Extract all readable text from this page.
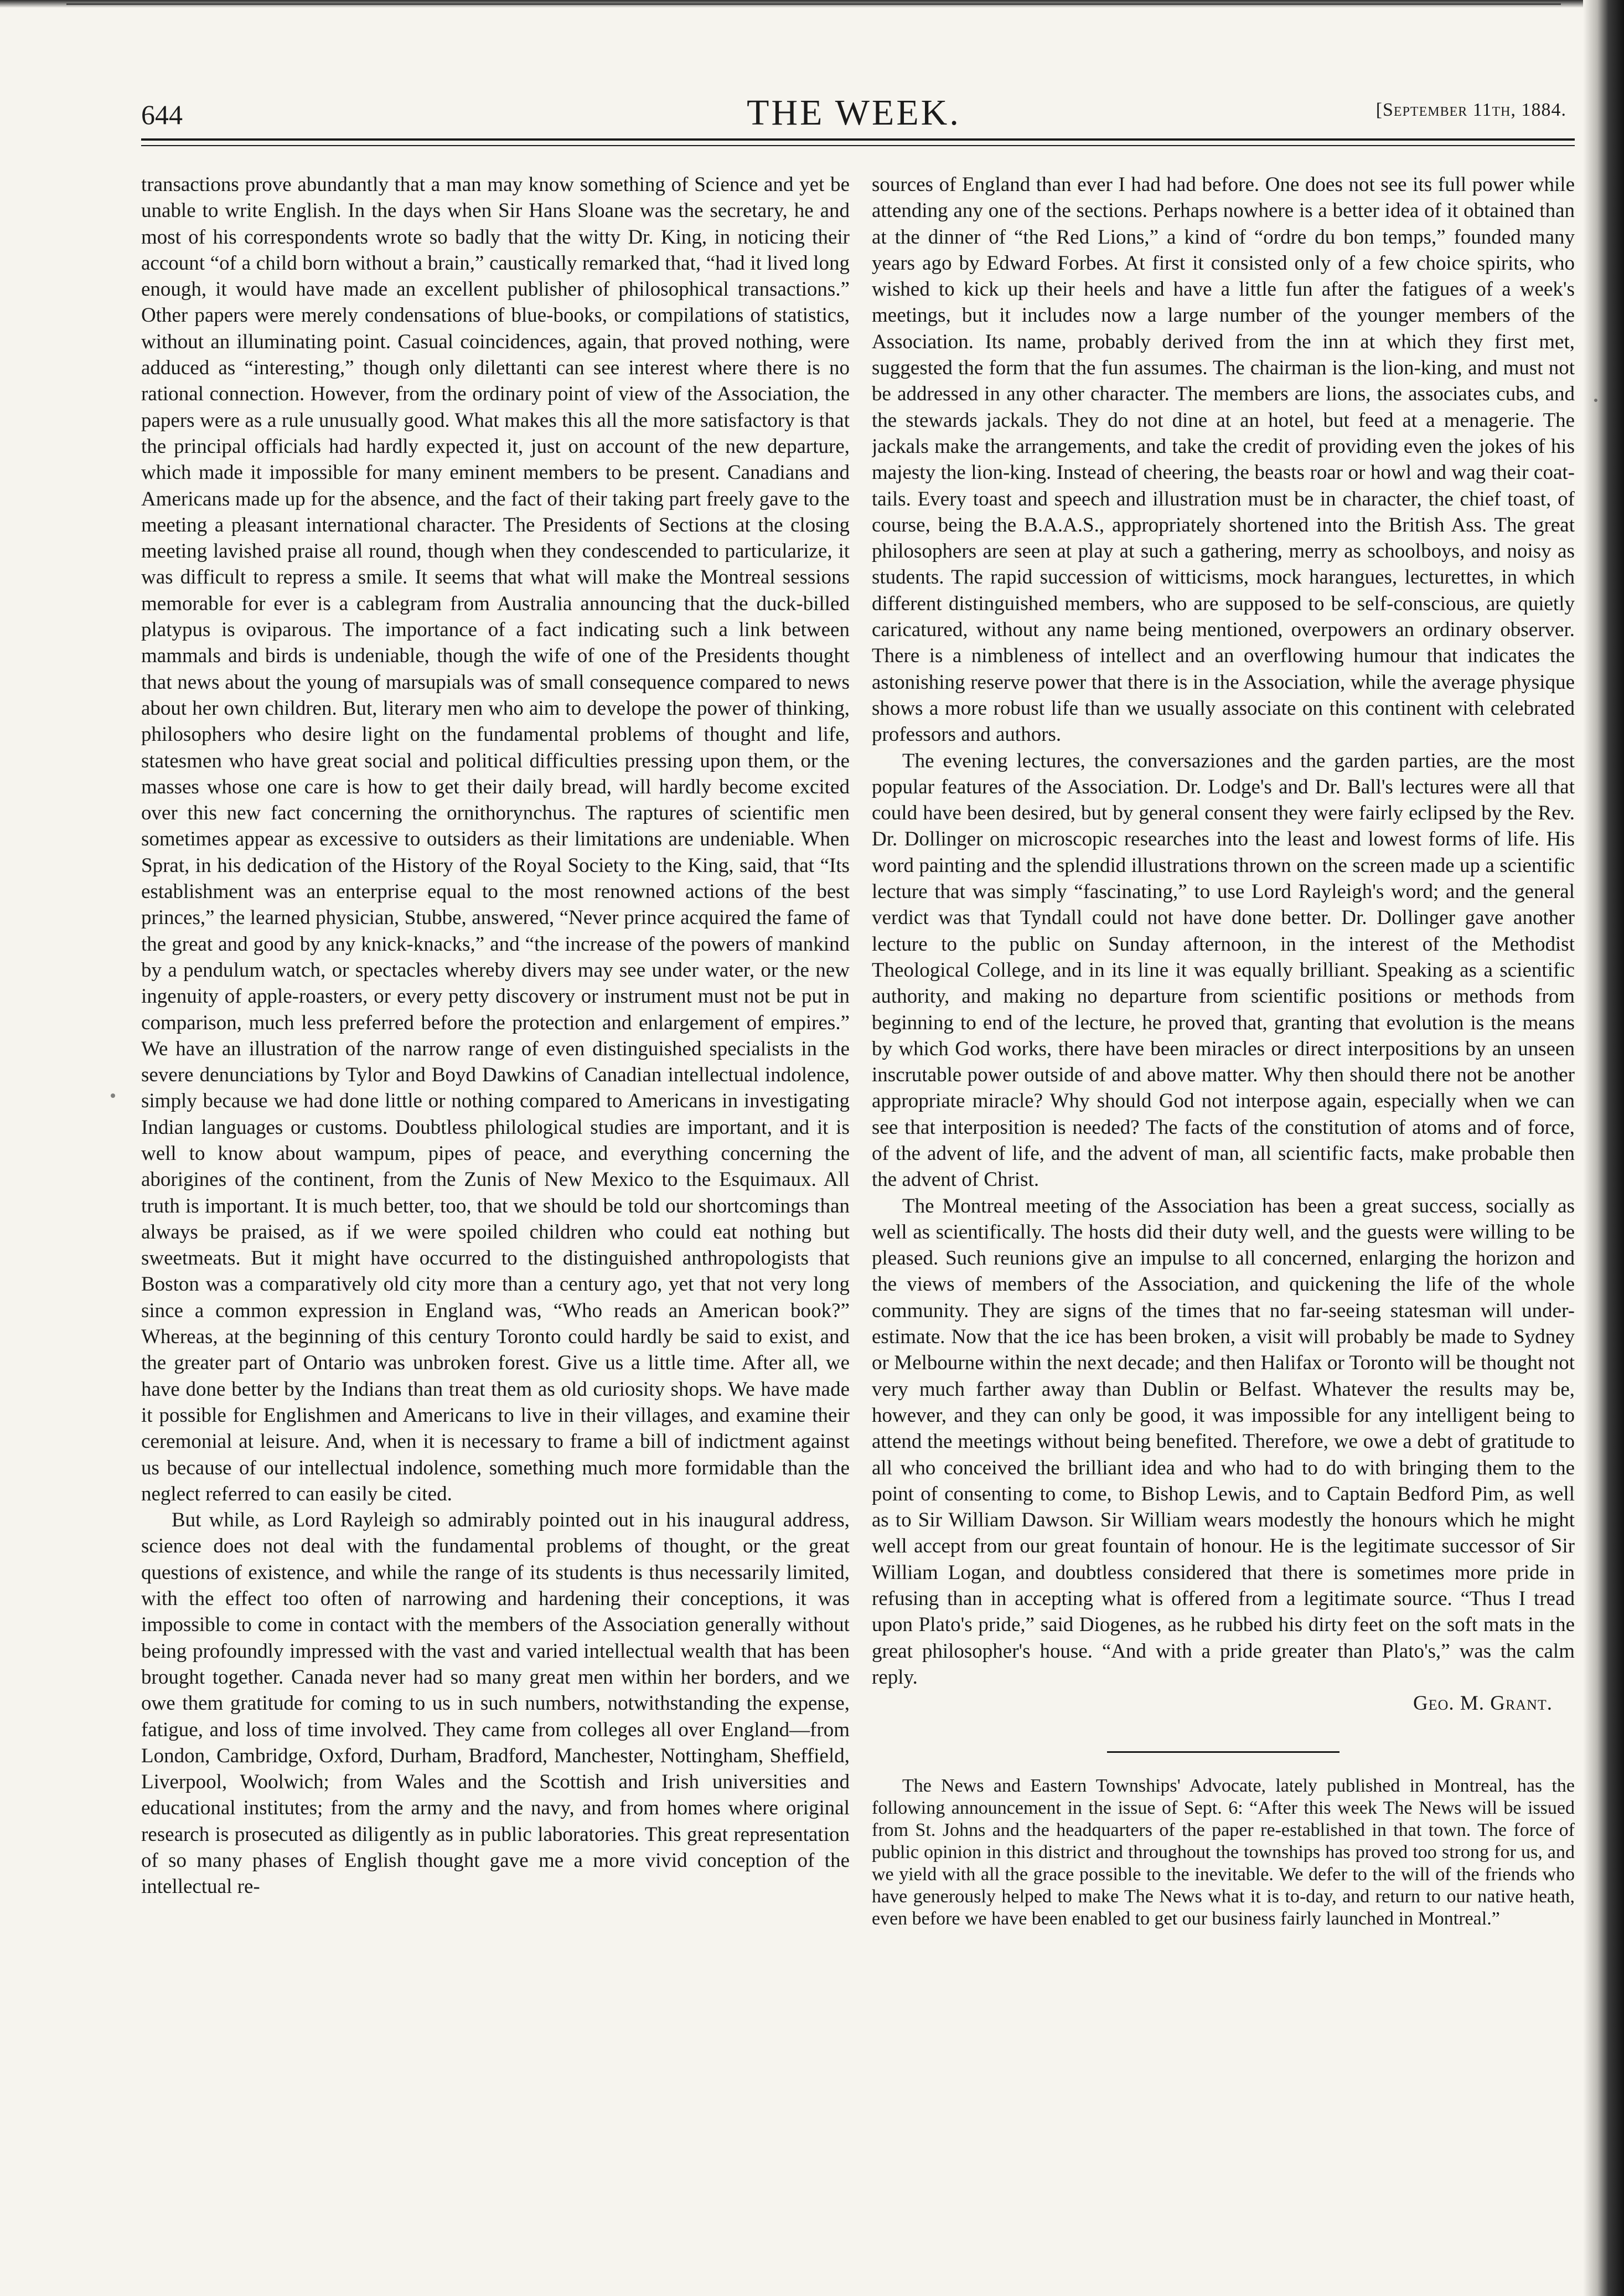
644	THE WEEK.	[September 11th, 1884.

transactions prove abundantly that a man may know something of Science and yet be unable to write English. In the days when Sir Hans Sloane was the secretary, he and most of his correspondents wrote so badly that the witty Dr. King, in noticing their account “of a child born without a brain,” caustically remarked that, “had it lived long enough, it would have made an excellent publisher of philosophical transactions.” Other papers were merely condensations of blue-books, or compilations of statistics, without an illuminating point. Casual coincidences, again, that proved nothing, were adduced as “interesting,” though only dilettanti can see interest where there is no rational connection. However, from the ordinary point of view of the Association, the papers were as a rule unusually good. What makes this all the more satisfactory is that the principal officials had hardly expected it, just on account of the new departure, which made it impossible for many eminent members to be present. Canadians and Americans made up for the absence, and the fact of their taking part freely gave to the meeting a pleasant international character. The Presidents of Sections at the closing meeting lavished praise all round, though when they condescended to particularize, it was difficult to repress a smile. It seems that what will make the Montreal sessions memorable for ever is a cablegram from Australia announcing that the duck-billed platypus is oviparous. The importance of a fact indicating such a link between mammals and birds is undeniable, though the wife of one of the Presidents thought that news about the young of marsupials was of small consequence compared to news about her own children. But, literary men who aim to develope the power of thinking, philosophers who desire light on the fundamental problems of thought and life, statesmen who have great social and political difficulties pressing upon them, or the masses whose one care is how to get their daily bread, will hardly become excited over this new fact concerning the ornithorynchus. The raptures of scientific men sometimes appear as excessive to outsiders as their limitations are undeniable. When Sprat, in his dedication of the History of the Royal Society to the King, said, that “Its establishment was an enterprise equal to the most renowned actions of the best princes,” the learned physician, Stubbe, answered, “Never prince acquired the fame of the great and good by any knick-knacks,” and “the increase of the powers of mankind by a pendulum watch, or spectacles whereby divers may see under water, or the new ingenuity of apple-roasters, or every petty discovery or instrument must not be put in comparison, much less preferred before the protection and enlargement of empires.” We have an illustration of the narrow range of even distinguished specialists in the severe denunciations by Tylor and Boyd Dawkins of Canadian intellectual indolence, simply because we had done little or nothing compared to Americans in investigating Indian languages or customs. Doubtless philological studies are important, and it is well to know about wampum, pipes of peace, and everything concerning the aborigines of the continent, from the Zunis of New Mexico to the Esquimaux. All truth is important. It is much better, too, that we should be told our shortcomings than always be praised, as if we were spoiled children who could eat nothing but sweetmeats. But it might have occurred to the distinguished anthropologists that Boston was a comparatively old city more than a century ago, yet that not very long since a common expression in England was, “Who reads an American book?” Whereas, at the beginning of this century Toronto could hardly be said to exist, and the greater part of Ontario was unbroken forest. Give us a little time. After all, we have done better by the Indians than treat them as old curiosity shops. We have made it possible for Englishmen and Americans to live in their villages, and examine their ceremonial at leisure. And, when it is necessary to frame a bill of indictment against us because of our intellectual indolence, something much more formidable than the neglect referred to can easily be cited.

But while, as Lord Rayleigh so admirably pointed out in his inaugural address, science does not deal with the fundamental problems of thought, or the great questions of existence, and while the range of its students is thus necessarily limited, with the effect too often of narrowing and hardening their conceptions, it was impossible to come in contact with the members of the Association generally without being profoundly impressed with the vast and varied intellectual wealth that has been brought together. Canada never had so many great men within her borders, and we owe them gratitude for coming to us in such numbers, notwithstanding the expense, fatigue, and loss of time involved. They came from colleges all over England—from London, Cambridge, Oxford, Durham, Bradford, Manchester, Nottingham, Sheffield, Liverpool, Woolwich; from Wales and the Scottish and Irish universities and educational institutes; from the army and the navy, and from homes where original research is prosecuted as diligently as in public laboratories. This great representation of so many phases of English thought gave me a more vivid conception of the intellectual re-

sources of England than ever I had had before. One does not see its full power while attending any one of the sections. Perhaps nowhere is a better idea of it obtained than at the dinner of “the Red Lions,” a kind of “ordre du bon temps,” founded many years ago by Edward Forbes. At first it consisted only of a few choice spirits, who wished to kick up their heels and have a little fun after the fatigues of a week's meetings, but it includes now a large number of the younger members of the Association. Its name, probably derived from the inn at which they first met, suggested the form that the fun assumes. The chairman is the lion-king, and must not be addressed in any other character. The members are lions, the associates cubs, and the stewards jackals. They do not dine at an hotel, but feed at a menagerie. The jackals make the arrangements, and take the credit of providing even the jokes of his majesty the lion-king. Instead of cheering, the beasts roar or howl and wag their coat-tails. Every toast and speech and illustration must be in character, the chief toast, of course, being the B.A.A.S., appropriately shortened into the British Ass. The great philosophers are seen at play at such a gathering, merry as schoolboys, and noisy as students. The rapid succession of witticisms, mock harangues, lecturettes, in which different distinguished members, who are supposed to be self-conscious, are quietly caricatured, without any name being mentioned, overpowers an ordinary observer. There is a nimbleness of intellect and an overflowing humour that indicates the astonishing reserve power that there is in the Association, while the average physique shows a more robust life than we usually associate on this continent with celebrated professors and authors.

The evening lectures, the conversaziones and the garden parties, are the most popular features of the Association. Dr. Lodge's and Dr. Ball's lectures were all that could have been desired, but by general consent they were fairly eclipsed by the Rev. Dr. Dollinger on microscopic researches into the least and lowest forms of life. His word painting and the splendid illustrations thrown on the screen made up a scientific lecture that was simply “fascinating,” to use Lord Rayleigh's word; and the general verdict was that Tyndall could not have done better. Dr. Dollinger gave another lecture to the public on Sunday afternoon, in the interest of the Methodist Theological College, and in its line it was equally brilliant. Speaking as a scientific authority, and making no departure from scientific positions or methods from beginning to end of the lecture, he proved that, granting that evolution is the means by which God works, there have been miracles or direct interpositions by an unseen inscrutable power outside of and above matter. Why then should there not be another appropriate miracle? Why should God not interpose again, especially when we can see that interposition is needed? The facts of the constitution of atoms and of force, of the advent of life, and the advent of man, all scientific facts, make probable then the advent of Christ.

The Montreal meeting of the Association has been a great success, socially as well as scientifically. The hosts did their duty well, and the guests were willing to be pleased. Such reunions give an impulse to all concerned, enlarging the horizon and the views of members of the Association, and quickening the life of the whole community. They are signs of the times that no far-seeing statesman will under-estimate. Now that the ice has been broken, a visit will probably be made to Sydney or Melbourne within the next decade; and then Halifax or Toronto will be thought not very much farther away than Dublin or Belfast. Whatever the results may be, however, and they can only be good, it was impossible for any intelligent being to attend the meetings without being benefited. Therefore, we owe a debt of gratitude to all who conceived the brilliant idea and who had to do with bringing them to the point of consenting to come, to Bishop Lewis, and to Captain Bedford Pim, as well as to Sir William Dawson. Sir William wears modestly the honours which he might well accept from our great fountain of honour. He is the legitimate successor of Sir William Logan, and doubtless considered that there is sometimes more pride in refusing than in accepting what is offered from a legitimate source. “Thus I tread upon Plato's pride,” said Diogenes, as he rubbed his dirty feet on the soft mats in the great philosopher's house. “And with a pride greater than Plato's,” was the calm reply.

Geo. M. Grant.

The News and Eastern Townships' Advocate, lately published in Montreal, has the following announcement in the issue of Sept. 6: “After this week The News will be issued from St. Johns and the headquarters of the paper re-established in that town. The force of public opinion in this district and throughout the townships has proved too strong for us, and we yield with all the grace possible to the inevitable. We defer to the will of the friends who have generously helped to make The News what it is to-day, and return to our native heath, even before we have been enabled to get our business fairly launched in Montreal.”
